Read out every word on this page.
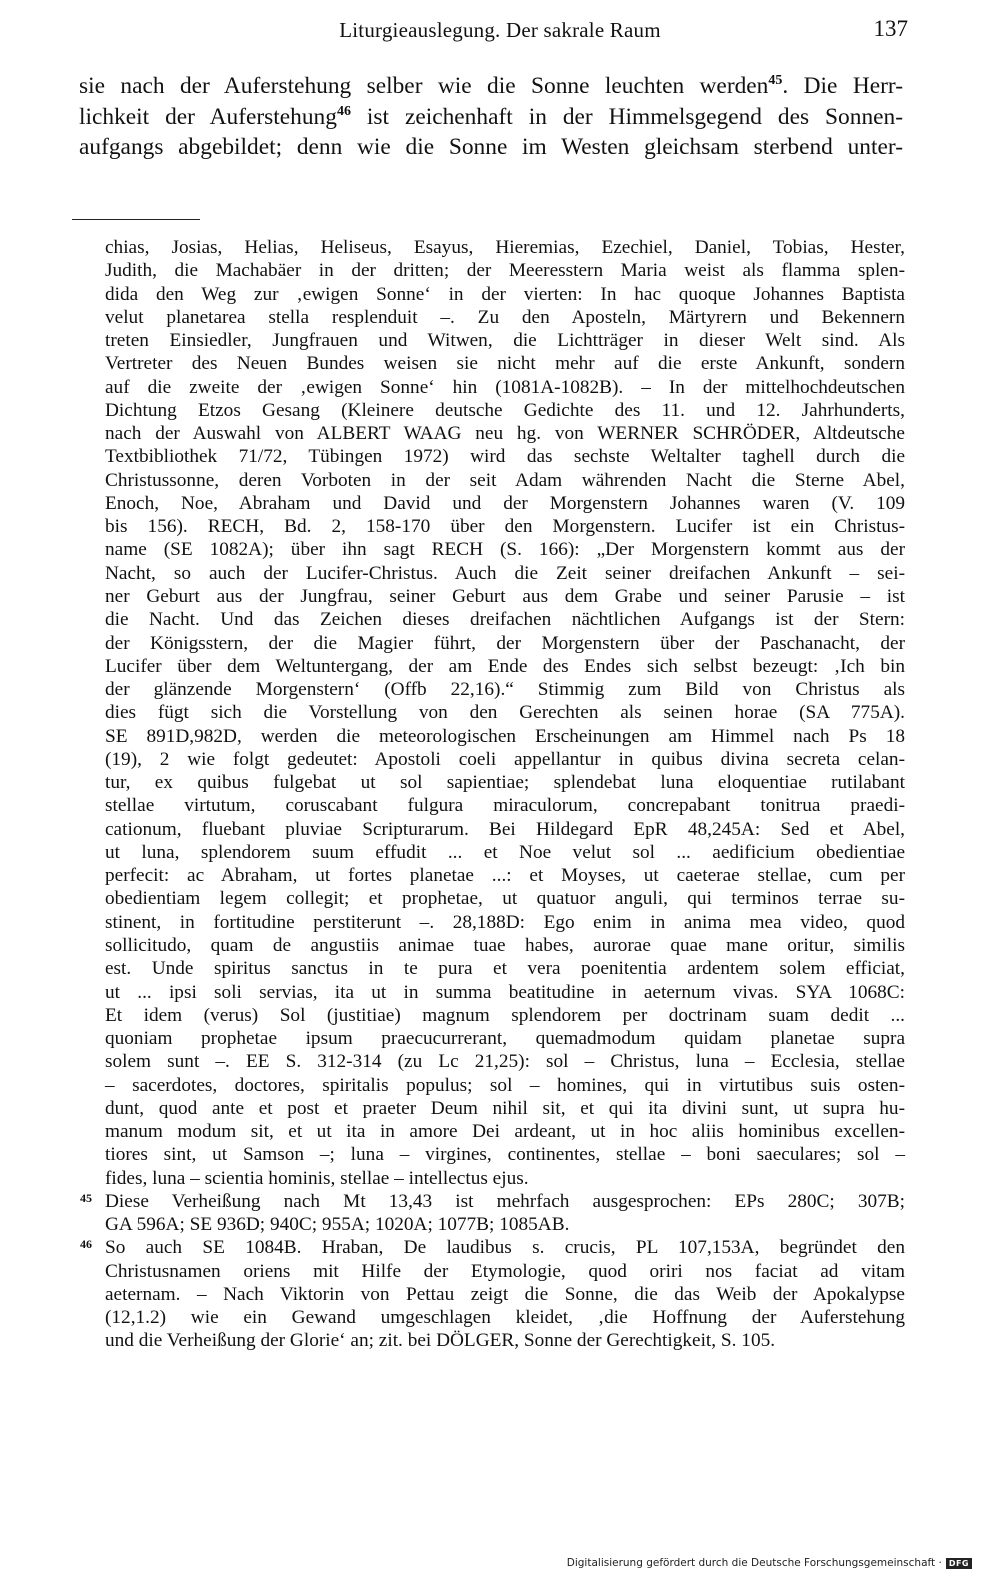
Liturgieauslegung. Der sakrale Raum	137

sie nach der Auferstehung selber wie die Sonne leuchten werden$^{45}$. Die Herr-

lichkeit der Auferstehung$^{46}$ ist zeichenhaft in der Himmelsgegend des Sonnen-

aufgangs abgebildet; denn wie die Sonne im Westen gleichsam sterbend unter-

chias, Josias, Helias, Heliseus, Esayus, Hieremias, Ezechiel, Daniel, Tobias, Hester,
Judith, die Machabäer in der dritten; der Meeresstern Maria weist als flamma splen-
dida den Weg zur ‚ewigen Sonne‘ in der vierten: In hac quoque Johannes Baptista
velut planetarea stella resplenduit –. Zu den Aposteln, Märtyrern und Bekennern
treten Einsiedler, Jungfrauen und Witwen, die Lichtträger in dieser Welt sind. Als
Vertreter des Neuen Bundes weisen sie nicht mehr auf die erste Ankunft, sondern
auf die zweite der ‚ewigen Sonne‘ hin (1081A-1082B). – In der mittelhochdeutschen
Dichtung Etzos Gesang (Kleinere deutsche Gedichte des 11. und 12. Jahrhunderts,
nach der Auswahl von ALBERT WAAG neu hg. von WERNER SCHRÖDER, Altdeutsche
Textbibliothek 71/72, Tübingen 1972) wird das sechste Weltalter taghell durch die
Christussonne, deren Vorboten in der seit Adam währenden Nacht die Sterne Abel,
Enoch, Noe, Abraham und David und der Morgenstern Johannes waren (V. 109
bis 156). RECH, Bd. 2, 158-170 über den Morgenstern. Lucifer ist ein Christus-
name (SE 1082A); über ihn sagt RECH (S. 166): „Der Morgenstern kommt aus der
Nacht, so auch der Lucifer-Christus. Auch die Zeit seiner dreifachen Ankunft – sei-
ner Geburt aus der Jungfrau, seiner Geburt aus dem Grabe und seiner Parusie – ist
die Nacht. Und das Zeichen dieses dreifachen nächtlichen Aufgangs ist der Stern:
der Königsstern, der die Magier führt, der Morgenstern über der Paschanacht, der
Lucifer über dem Weltuntergang, der am Ende des Endes sich selbst bezeugt: ‚Ich bin
der glänzende Morgenstern‘ (Offb 22,16).“ Stimmig zum Bild von Christus als
dies fügt sich die Vorstellung von den Gerechten als seinen horae (SA 775A).
SE 891D,982D, werden die meteorologischen Erscheinungen am Himmel nach Ps 18
(19), 2 wie folgt gedeutet: Apostoli coeli appellantur in quibus divina secreta celan-
tur, ex quibus fulgebat ut sol sapientiae; splendebat luna eloquentiae rutilabant
stellae virtutum, coruscabant fulgura miraculorum, concrepabant tonitrua praedi-
cationum, fluebant pluviae Scripturarum. Bei Hildegard EpR 48,245A: Sed et Abel,
ut luna, splendorem suum effudit ... et Noe velut sol ... aedificium obedientiae
perfecit: ac Abraham, ut fortes planetae ...: et Moyses, ut caeterae stellae, cum per
obedientiam legem collegit; et prophetae, ut quatuor anguli, qui terminos terrae su-
stinent, in fortitudine perstiterunt –. 28,188D: Ego enim in anima mea video, quod
sollicitudo, quam de angustiis animae tuae habes, aurorae quae mane oritur, similis
est. Unde spiritus sanctus in te pura et vera poenitentia ardentem solem efficiat,
ut ... ipsi soli servias, ita ut in summa beatitudine in aeternum vivas. SYA 1068C:
Et idem (verus) Sol (justitiae) magnum splendorem per doctrinam suam dedit ...
quoniam prophetae ipsum praecucurrerant, quemadmodum quidam planetae supra
solem sunt –. EE S. 312-314 (zu Lc 21,25): sol – Christus, luna – Ecclesia, stellae
– sacerdotes, doctores, spiritalis populus; sol – homines, qui in virtutibus suis osten-
dunt, quod ante et post et praeter Deum nihil sit, et qui ita divini sunt, ut supra hu-
manum modum sit, et ut ita in amore Dei ardeant, ut in hoc aliis hominibus excellen-
tiores sint, ut Samson –; luna – virgines, continentes, stellae – boni saeculares; sol –
fides, luna – scientia hominis, stellae – intellectus ejus.
45 Diese Verheißung nach Mt 13,43 ist mehrfach ausgesprochen: EPs 280C; 307B;
GA 596A; SE 936D; 940C; 955A; 1020A; 1077B; 1085AB.
46 So auch SE 1084B. Hraban, De laudibus s. crucis, PL 107,153A, begründet den
Christusnamen oriens mit Hilfe der Etymologie, quod oriri nos faciat ad vitam
aeternam. – Nach Viktorin von Pettau zeigt die Sonne, die das Weib der Apokalypse
(12,1.2) wie ein Gewand umgeschlagen kleidet, ‚die Hoffnung der Auferstehung
und die Verheißung der Glorie‘ an; zit. bei DÖLGER, Sonne der Gerechtigkeit, S. 105.
Digitalisierung gefördert durch die Deutsche Forschungsgemeinschaft · DFG
